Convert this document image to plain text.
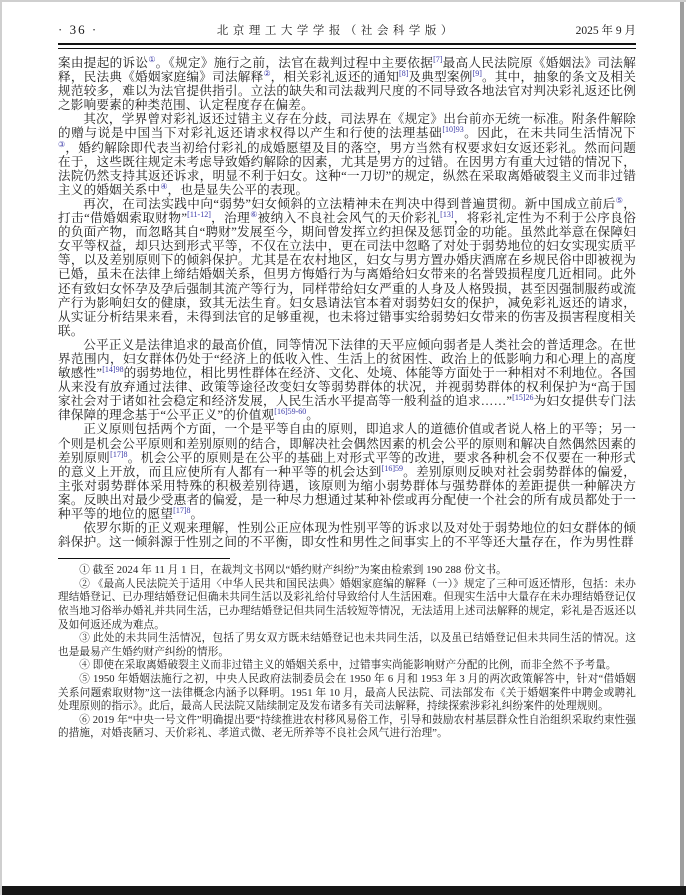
· 36 ·	北京理工大学学报（社会科学版）	2025 年 9 月

案由提起的诉讼①。《规定》施行之前，法官在裁判过程中主要依据[7]最高人民法院原《婚姻法》司法解释，民法典《婚姻家庭编》司法解释②，相关彩礼返还的通知[8]及典型案例[9]。其中，抽象的条文及相关规范较多，难以为法官提供指引。立法的缺失和司法裁判尺度的不同导致各地法官对判决彩礼返还比例之影响要素的种类范围、认定程度存在偏差。

其次，学界曾对彩礼返还过错主义存在分歧，司法界在《规定》出台前亦无统一标准。附条件解除的赠与说是中国当下对彩礼返还请求权得以产生和行使的法理基础$^{[10]93}$。因此，在未共同生活情况下③，婚约解除即代表当初给付彩礼的成婚愿望及目的落空，男方当然有权要求妇女返还彩礼。然而问题在于，这些既往规定未考虑导致婚约解除的因素，尤其是男方的过错。在因男方有重大过错的情况下，法院仍然支持其返还诉求，明显不利于妇女。这种“一刀切”的规定，纵然在采取离婚破裂主义而非过错主义的婚姻关系中④，也是显失公平的表现。

再次，在司法实践中向“弱势”妇女倾斜的立法精神未在判决中得到普遍贯彻。新中国成立前后⑤，打击“借婚姻索取财物”[11-12]，治理⑥被纳入不良社会风气的天价彩礼[13]，将彩礼定性为不利于公序良俗的负面产物，而忽略其自“聘财”发展至今，期间曾发挥立约担保及惩罚金的功能。虽然此举意在保障妇女平等权益，却只达到形式平等，不仅在立法中，更在司法中忽略了对处于弱势地位的妇女实现实质平等，以及差别原则下的倾斜保护。尤其是在农村地区，妇女与男方置办婚庆酒席在乡规民俗中即被视为已婚，虽未在法律上缔结婚姻关系，但男方悔婚行为与离婚给妇女带来的名誉毁损程度几近相同。此外还有致妇女怀孕及孕后强制其流产等行为，同样带给妇女严重的人身及人格毁损，甚至因强制服药或流产行为影响妇女的健康，致其无法生育。妇女恳请法官本着对弱势妇女的保护，减免彩礼返还的请求，从实证分析结果来看，未得到法官的足够重视，也未将过错事实给弱势妇女带来的伤害及损害程度相关联。

公平正义是法律追求的最高价值，同等情况下法律的天平应倾向弱者是人类社会的普适理念。在世界范围内，妇女群体仍处于“经济上的低收入性、生活上的贫困性、政治上的低影响力和心理上的高度敏感性”$^{[14]98}$的弱势地位，相比男性群体在经济、文化、处境、体能等方面处于一种相对不利地位。各国从来没有放弃通过法律、政策等途径改变妇女等弱势群体的状况，并视弱势群体的权利保护为“高于国家社会对于诸如社会稳定和经济发展，人民生活水平提高等一般利益的追求……”$^{[15]26}$为妇女提供专门法律保障的理念基于“公平正义”的价值观$^{[16]59-60}$。

正义原则包括两个方面，一个是平等自由的原则，即追求人的道德价值或者说人格上的平等；另一个则是机会公平原则和差别原则的结合，即解决社会偶然因素的机会公平的原则和解决自然偶然因素的差别原则$^{[17]8}$。机会公平的原则是在公平的基础上对形式平等的改进，要求各种机会不仅要在一种形式的意义上开放，而且应使所有人都有一种平等的机会达到$^{[16]59}$。差别原则反映对社会弱势群体的偏爱，主张对弱势群体采用特殊的积极差别待遇，该原则为缩小弱势群体与强势群体的差距提供一种解决方案。反映出对最少受惠者的偏爱，是一种尽力想通过某种补偿或再分配使一个社会的所有成员都处于一种平等的地位的愿望$^{[17]8}$。

依罗尔斯的正义观来理解，性别公正应体现为性别平等的诉求以及对处于弱势地位的妇女群体的倾斜保护。这一倾斜源于性别之间的不平衡，即女性和男性之间事实上的不平等还大量存在，作为男性群

① 截至 2024 年 11 月 1 日，在裁判文书网以“婚约财产纠纷”为案由检索到 190 288 份文书。

② 《最高人民法院关于适用〈中华人民共和国民法典〉婚姻家庭编的解释（一）》规定了三种可返还情形，包括：未办理结婚登记、已办理结婚登记但确未共同生活以及彩礼给付导致给付人生活困难。但现实生活中大量存在未办理结婚登记仅依当地习俗举办婚礼并共同生活，已办理结婚登记但共同生活较短等情况，无法适用上述司法解释的规定，彩礼是否返还以及如何返还成为难点。

③ 此处的未共同生活情况，包括了男女双方既未结婚登记也未共同生活，以及虽已结婚登记但未共同生活的情况。这也是最易产生婚约财产纠纷的情形。

④ 即使在采取离婚破裂主义而非过错主义的婚姻关系中，过错事实尚能影响财产分配的比例，而非全然不予考量。

⑤ 1950 年婚姻法施行之初，中央人民政府法制委员会在 1950 年 6 月和 1953 年 3 月的两次政策解答中，针对“借婚姻关系问题索取财物”这一法律概念内涵予以释明。1951 年 10 月，最高人民法院、司法部发布《关于婚姻案件中聘金或聘礼处理原则的指示》。此后，最高人民法院又陆续制定及发布诸多有关司法解释，持续探索涉彩礼纠纷案件的处理规则。

⑥ 2019 年“中央一号文件”明确提出要“持续推进农村移风易俗工作，引导和鼓励农村基层群众性自治组织采取约束性强的措施，对婚丧陋习、天价彩礼、孝道式微、老无所养等不良社会风气进行治理”。
